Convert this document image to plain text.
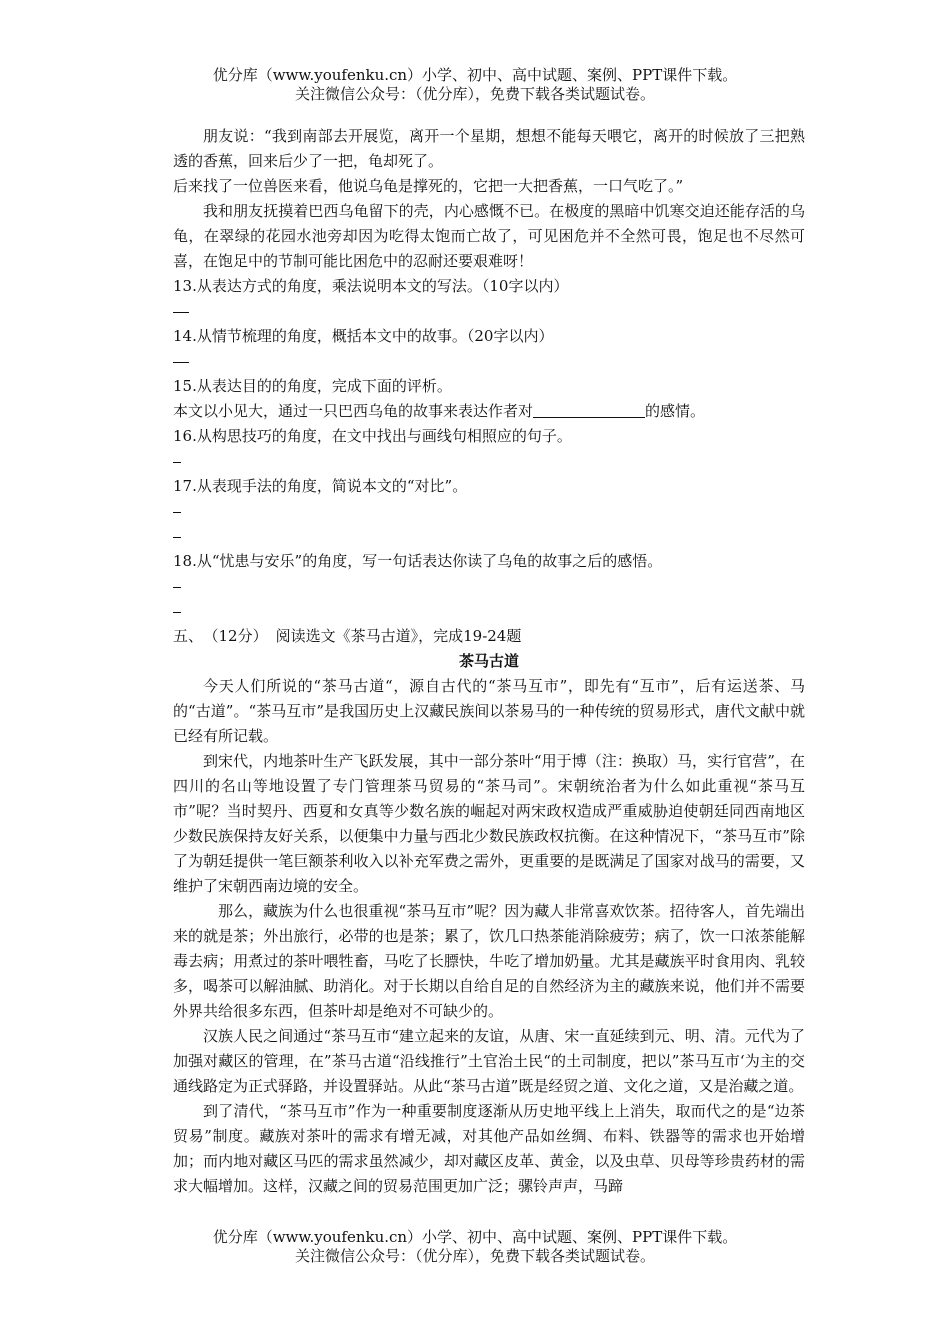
优分库（www.youfenku.cn）小学、初中、高中试题、案例、PPT课件下载。
关注微信公众号：（优分库），免费下载各类试题试卷。

朋友说：“我到南部去开展览，离开一个星期，想想不能每天喂它，离开的时候放了三把熟透的香蕉，回来后少了一把，龟却死了。

后来找了一位兽医来看，他说乌龟是撑死的，它把一大把香蕉，一口气吃了。”

我和朋友抚摸着巴西乌龟留下的壳，内心感慨不已。在极度的黑暗中饥寒交迫还能存活的乌龟，在翠绿的花园水池旁却因为吃得太饱而亡故了，可见困危并不全然可畏，饱足也不尽然可喜，在饱足中的节制可能比困危中的忍耐还要艰难呀！

13.从表达方式的角度，乘法说明本文的写法。（10字以内）

14.从情节梳理的角度，概括本文中的故事。（20字以内）

15.从表达目的的角度，完成下面的评析。

本文以小见大，通过一只巴西乌龟的故事来表达作者对	的感情。

16.从构思技巧的角度，在文中找出与画线句相照应的句子。

17.从表现手法的角度，简说本文的“对比”。

18.从“忧患与安乐”的角度，写一句话表达你读了乌龟的故事之后的感悟。

五、 （12分） 阅读选文《茶马古道》，完成19-24题

茶马古道

今天人们所说的“茶马古道“，源自古代的“茶马互市”，即先有“互市”，后有运送茶、马的“古道”。“茶马互市”是我国历史上汉藏民族间以茶易马的一种传统的贸易形式，唐代文献中就已经有所记载。

到宋代，内地茶叶生产飞跃发展，其中一部分茶叶“用于博（注：换取）马，实行官营”，在四川的名山等地设置了专门管理茶马贸易的“茶马司”。宋朝统治者为什么如此重视“茶马互市”呢？当时契丹、西夏和女真等少数名族的崛起对两宋政权造成严重威胁迫使朝廷同西南地区少数民族保持友好关系，以便集中力量与西北少数民族政权抗衡。在这种情况下，“茶马互市”除了为朝廷提供一笔巨额茶利收入以补充军费之需外，更重要的是既满足了国家对战马的需要，又维护了宋朝西南边境的安全。

那么，藏族为什么也很重视“茶马互市”呢？因为藏人非常喜欢饮茶。招待客人，首先端出来的就是茶；外出旅行，必带的也是茶；累了，饮几口热茶能消除疲劳；病了，饮一口浓茶能解毒去病；用煮过的茶叶喂牲畜，马吃了长膘快，牛吃了增加奶量。尤其是藏族平时食用肉、乳较多，喝茶可以解油腻、助消化。对于长期以自给自足的自然经济为主的藏族来说，他们并不需要外界共给很多东西，但茶叶却是绝对不可缺少的。

汉族人民之间通过“茶马互市“建立起来的友谊，从唐、宋一直延续到元、明、清。元代为了加强对藏区的管理，在”茶马古道“沿线推行”土官治土民“的土司制度，把以”茶马互市‘为主的交通线路定为正式驿路，并设置驿站。从此“茶马古道”既是经贸之道、文化之道，又是治藏之道。

到了清代，“茶马互市”作为一种重要制度逐渐从历史地平线上上消失，取而代之的是“边茶贸易”制度。藏族对茶叶的需求有增无减，对其他产品如丝绸、布料、铁器等的需求也开始增加；而内地对藏区马匹的需求虽然减少，却对藏区皮革、黄金，以及虫草、贝母等珍贵药材的需求大幅增加。这样，汉藏之间的贸易范围更加广泛；骡铃声声，马蹄

优分库（www.youfenku.cn）小学、初中、高中试题、案例、PPT课件下载。
关注微信公众号：（优分库），免费下载各类试题试卷。
